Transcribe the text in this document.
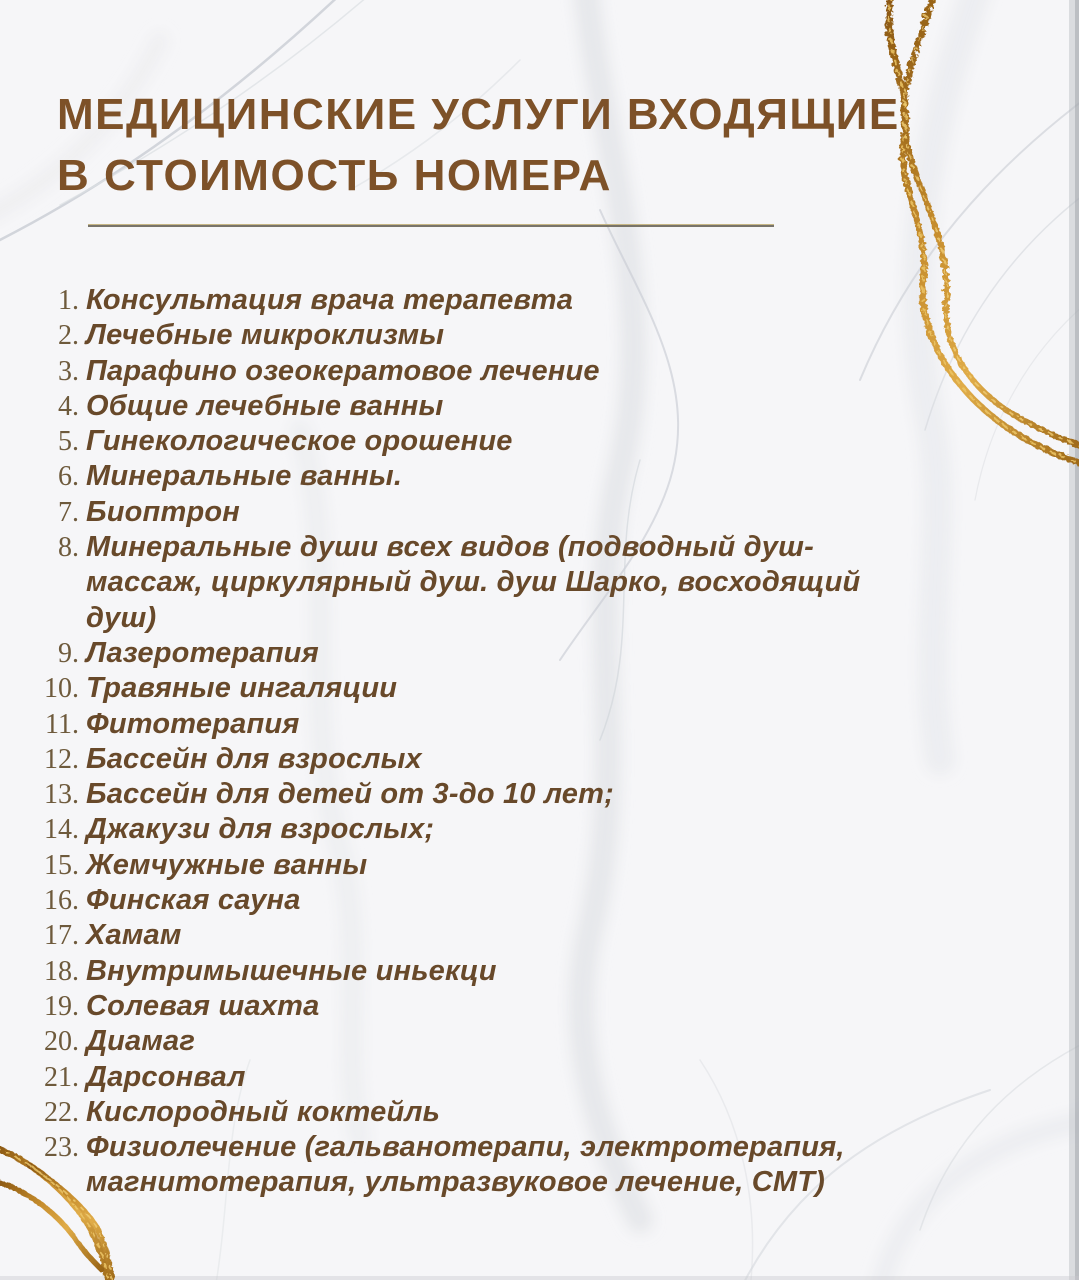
МЕДИЦИНСКИЕ УСЛУГИ ВХОДЯЩИЕ
В СТОИМОСТЬ НОМЕРА
1. Консультация врача терапевта
2. Лечебные микроклизмы
3. Парафино озеокератовое лечение
4. Общие лечебные ванны
5. Гинекологическое орошение
6. Минеральные ванны.
7. Биоптрон
8. Минеральные души всех видов (подводный душ-массаж, циркулярный душ. душ Шарко, восходящий душ)
9. Лазеротерапия
10. Травяные ингаляции
11. Фитотерапия
12. Бассейн для взрослых
13. Бассейн для детей от 3-до 10 лет;
14. Джакузи для взрослых;
15. Жемчужные ванны
16. Финская сауна
17. Хамам
18. Внутримышечные иньекци
19. Солевая шахта
20. Диамаг
21. Дарсонвал
22. Кислородный коктейль
23. Физиолечение (гальванотерапи, электротерапия, магнитотерапия, ультразвуковое лечение, СМТ)
